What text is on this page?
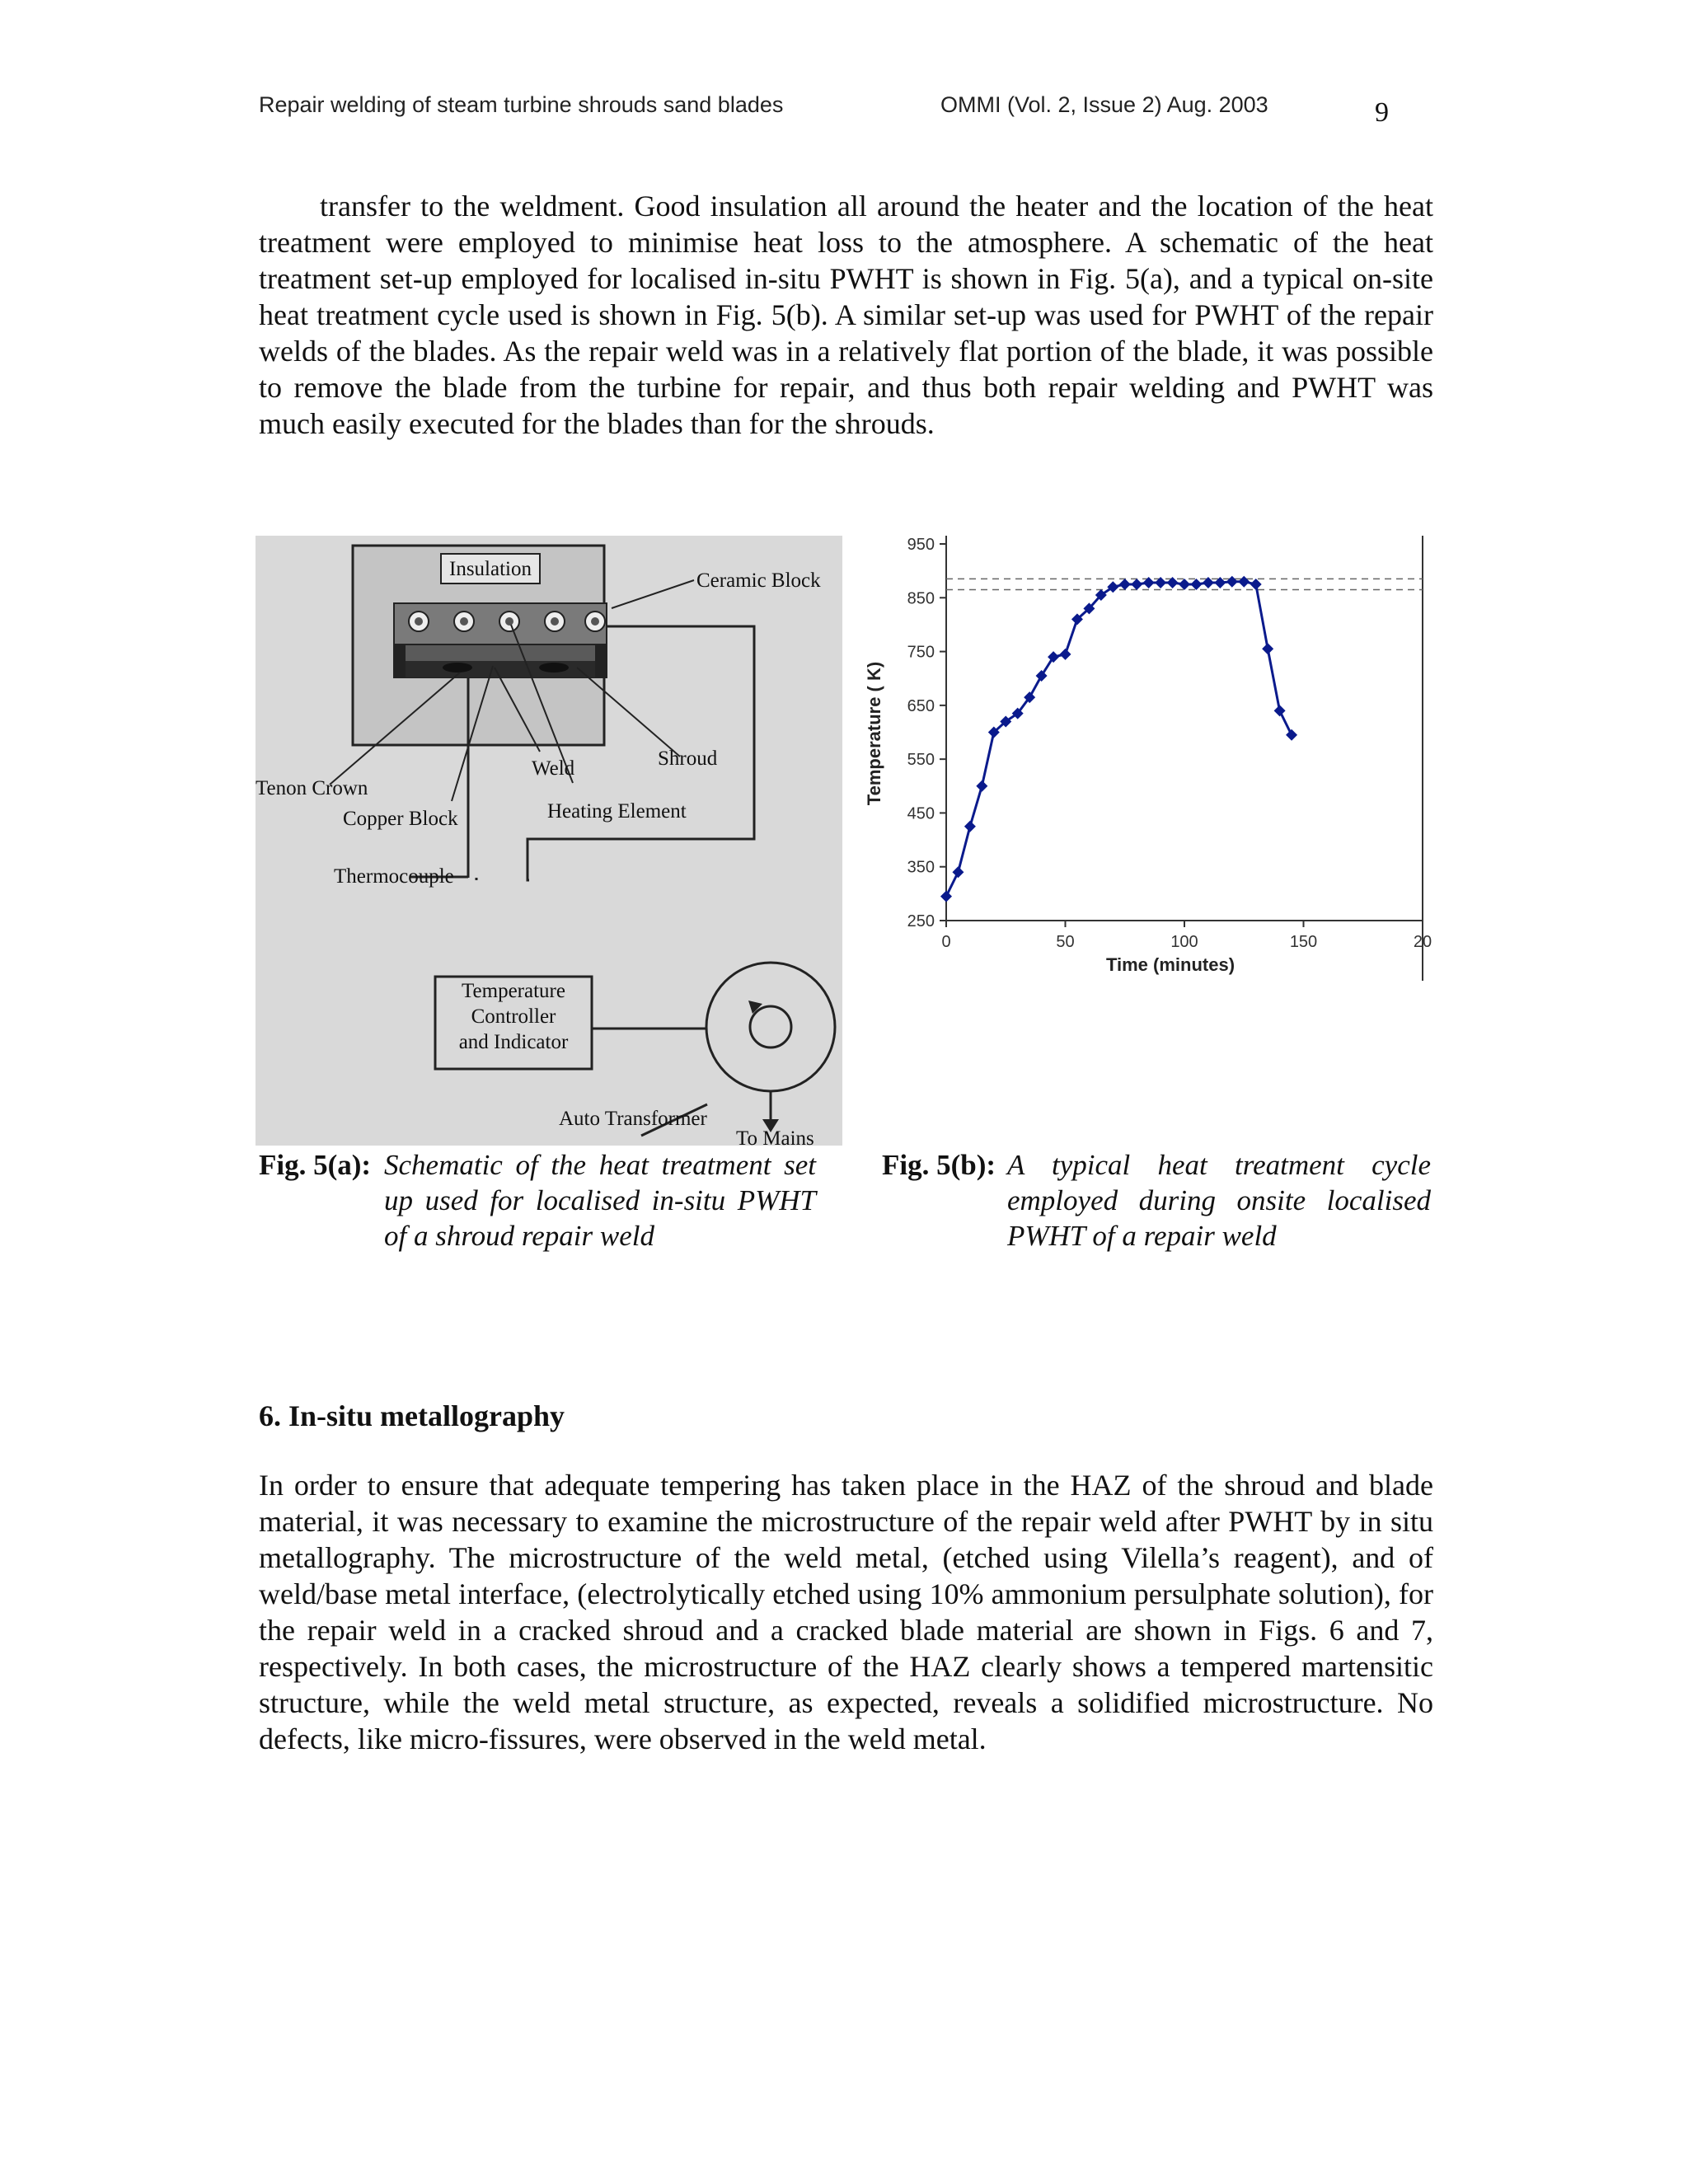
Repair welding of steam turbine shrouds sand blades	OMMI (Vol. 2, Issue 2) Aug. 2003	9

transfer to the weldment. Good insulation all around the heater and the location of the heat treatment were employed to minimise heat loss to the atmosphere. A schematic of the heat treatment set-up employed for localised in-situ PWHT is shown in Fig. 5(a), and a typical on-site heat treatment cycle used is shown in Fig. 5(b). A similar set-up was used for PWHT of the repair welds of the blades. As the repair weld was in a relatively flat portion of the blade, it was possible to remove the blade from the turbine for repair, and thus both repair welding and PWHT was much easily executed for the blades than for the shrouds.

Insulation
Thermocouple
Temperature
Controller
and Indicator
Ceramic Block
Tenon Crown
Weld	Shroud
Copper Block	Heating Element
Auto Transformer
To Mains
950
850
750
650
550
450
350
250
0	50	100	150	20
Time (minutes)
Temperature ( K)
Fig. 5(a): Schematic of the heat treatment set up used for localised in-situ PWHT of a shroud repair weld
Fig. 5(b): A typical heat treatment cycle employed during onsite localised PWHT of a repair weld
6. In-situ metallography

In order to ensure that adequate tempering has taken place in the HAZ of the shroud and blade material, it was necessary to examine the microstructure of the repair weld after PWHT by in situ metallography. The microstructure of the weld metal, (etched using Vilella’s reagent), and of weld/base metal interface, (electrolytically etched using 10% ammonium persulphate solution), for the repair weld in a cracked shroud and a cracked blade material are shown in Figs. 6 and 7, respectively. In both cases, the microstructure of the HAZ clearly shows a tempered martensitic structure, while the weld metal structure, as expected, reveals a solidified microstructure. No defects, like micro-fissures, were observed in the weld metal.
